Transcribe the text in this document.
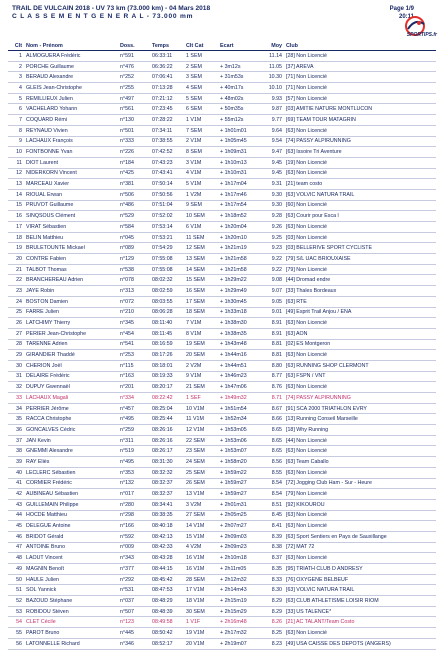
TRAIL DE VULCAIN 2018 - UV 73 km (73.000 km) - 04 Mars 2018
C L A S S E M E N T G E N E R A L - 73.000 mm
Page 1/9
20:11
SPORTIPS.fr
Clt Nom - Prénom	Doss.	Temps	Clt Cat	Ecart	Moy Club
1 ALMOGUERA Frédéric	n°591	06:33:11	1 SEM	11.14 [28] Non Licencié
2 PORCHE Guillaume	n°476	06:36:22	2 SEM	+ 3m12s	11.05 [37] AREVA
3 BERAUD Alexandre	n°252	07:06:41	3 SEM	+ 31m53s	10.30 [71] Non Licencié
4 GLEIS Jean-Christophe	n°255	07:13:28	4 SEM	+ 40m17s	10.10 [71] Non Licencié
5 REMILLIEUX Julien	n°497	07:21:12	5 SEM	+ 48m02s	9.93 [57] Non Licencié
6 VACHELARD Yohann	n°561	07:23:45	6 SEM	+ 50m35s	9.87 [03] AMITIE NATURE MONTLUCON
7 COQUARD Rémi	n°130	07:28:22	1 V1M	+ 55m12s	9.77 [69] TEAM TOUR MATAGRIN
8 REYNAUD Vivien	n°501	07:34:11	7 SEM	+ 1h01m01	9.64 [63] Non Licencié
9 LACHAUX François	n°333	07:38:55	2 V1M	+ 1h05m45	9.54 [74] PASSY ALPIRUNNING
10 FONTBONNE Yvan	n°226	07:42:52	8 SEM	+ 1h09m31	9.47 [63] Issoire Tri Aventure
11 DIOT Laurent	n°184	07:43:23	3 V1M	+ 1h10m13	9.45 [19] Non Licencié
12 NIDERKORN Vincent	n°425	07:43:41	4 V1M	+ 1h10m31	9.45 [63] Non Licencié
13 MARCEAU Xavier	n°381	07:50:14	5 V1M	+ 1h17m04	9.31 [21] team costo
14 RIOUAL Erwan	n°506	07:50:56	1 V2M	+ 1h17m46	9.30 [63] VOLVIC NATURA TRAIL
15 PRUVOT Guillaume	n°486	07:51:04	9 SEM	+ 1h17m54	9.30 [60] Non Licencié
16 SINQSOUS Clément	n°529	07:52:02	10 SEM	+ 1h18m52	9.28 [63] Courir pour Esca l
17 VIRAT Sébastien	n°584	07:53:14	6 V1M	+ 1h20m04	9.26 [63] Non Licencié
18 BELIN Matthieu	n°045	07:53:21	11 SEM	+ 1h20m10	9.25 [03] Non Licencié
19 BRULETOUNTE Mickael	n°089	07:54:29	12 SEM	+ 1h21m19	9.23 [03] BELLERIVE SPORT CYCLISTE
20 CONTRE Fabien	n°129	07:55:08	13 SEM	+ 1h21m58	9.22 [79] S/L UAC BRIOUXAISE
21 TALBOT Thomas	n°538	07:55:08	14 SEM	+ 1h21m58	9.22 [79] Non Licencié
22 BRANCHEREAU Adrien	n°078	08:02:32	15 SEM	+ 1h29m22	9.08 [44] Dromad endre
23 JAYE Robin	n°313	08:02:59	16 SEM	+ 1h29m49	9.07 [33] Thales Bordeaux
24 BOSTON Damien	n°072	08:03:55	17 SEM	+ 1h30m45	9.05 [63] RTE
25 FARRE Julien	n°210	08:06:28	18 SEM	+ 1h33m18	9.01 [49] Esprit Trail Anjou / ENA
26 LATCHIMY Thierry	n°345	08:11:40	7 V1M	+ 1h38m30	8.91 [63] Non Licencié
27 PERIER Jean-Christophe	n°454	08:11:45	8 V1M	+ 1h38m35	8.91 [63] AON
28 TARENNE Adrien	n°541	08:16:59	19 SEM	+ 1h43m48	8.81 [02] ES Montgeron
29 GIRANDIER Thaddé	n°253	08:17:26	20 SEM	+ 1h44m16	8.81 [63] Non Licencié
30 CHERION Joël	n°115	08:18:01	2 V2M	+ 1h44m51	8.80 [63] RUNNING SHOP CLERMONT
31 DELAIRE Frédéric	n°163	08:19:33	9 V1M	+ 1h46m23	8.77 [63] FSPN / VNT
32 DUPUY Gwennaël	n°201	08:20:17	21 SEM	+ 1h47m06	8.76 [63] Non Licencié
33 LACHAUX Magali	n°334	08:22:42	1 SEF	+ 1h49m32	8.71 [74] PASSY ALPIRUNNING
34 PERRIER Jérôme	n°457	08:25:04	10 V1M	+ 1h51m54	8.67 [91] SCA 2000 TRIATHLON EVRY
35 RACCA Christophe	n°495	08:25:44	11 V1M	+ 1h52m34	8.66 [13] Running Conseil Marseille
36 GONCALVES Cédric	n°259	08:26:16	12 V1M	+ 1h53m05	8.65 [18] Why Running
37 JAN Kevin	n°311	08:26:16	22 SEM	+ 1h53m06	8.65 [44] Non Licencié
38 GNEMMI Alexandre	n°519	08:26:17	23 SEM	+ 1h53m07	8.65 [63] Non Licencié
39 RAY Eliès	n°495	08:31:30	24 SEM	+ 1h58m20	8.56 [63] Team Caballo
40 LECLERC Sébastien	n°353	08:32:32	25 SEM	+ 1h59m22	8.55 [63] Non Licencié
41 CORMIER Frédéric	n°132	08:32:37	26 SEM	+ 1h59m27	8.54 [72] Jogging Club Ham - Sur - Heure
42 AUBINEAU Sébastien	n°017	08:32:37	13 V1M	+ 1h59m27	8.54 [79] Non Licencié
43 GUILLEMAIN Philippe	n°280	08:34:41	3 V2M	+ 2h01m31	8.51 [92] KIKOUROU
44 HOCDÉ Matthieu	n°298	08:38:35	27 SEM	+ 2h05m25	8.45 [63] Non Licencié
45 DELEGUE Antoine	n°166	08:40:18	14 V1M	+ 2h07m27	8.41 [63] Non Licencié
46 BRIDOT Gérald	n°592	08:42:13	15 V1M	+ 2h09m03	8.39 [63] Sport Sentiers en Pays de Sauxillange
47 ANTOINE Bruno	n°009	08:42:33	4 V2M	+ 2h09m23	8.38 [72] MAT 72
48 LAOUT Vincent	n°343	08:43:28	16 V1M	+ 2h10m18	8.37 [63] Non Licencié
49 MAGNIN Benoît	n°377	08:44:15	16 V1M	+ 2h11m05	8.35 [95] TRIATH CLUB D ANDRESY
50 HAULE Julien	n°292	08:45:42	28 SEM	+ 2h12m32	8.33 [76] OXYGENE BELBEUF
51 SOL Yannick	n°531	08:47:53	17 V1M	+ 2h14m43	8.30 [63] VOLVIC NATURA TRAIL
52 BAZOUD Stéphane	n°037	08:48:29	18 V1M	+ 2h15m19	8.29 [63] CLUB ATHLETISME LOISIR RIOM
53 ROBIDOU Stéven	n°507	08:48:39	30 SEM	+ 2h15m29	8.29 [33] US TALENCE*
54 CLET Cécile	n°123	08:49:58	1 V1F	+ 2h16m48	8.26 [21] AC TALANT/Team Costo
55 PAROT Bruno	n°445	08:50:42	19 V1M	+ 2h17m32	8.25 [63] Non Licencié
56 LATONNELLE Richard	n°346	08:52:17	20 V1M	+ 2h19m07	8.23 [49] USA CAISSE DES DEPOTS (ANGERS)
